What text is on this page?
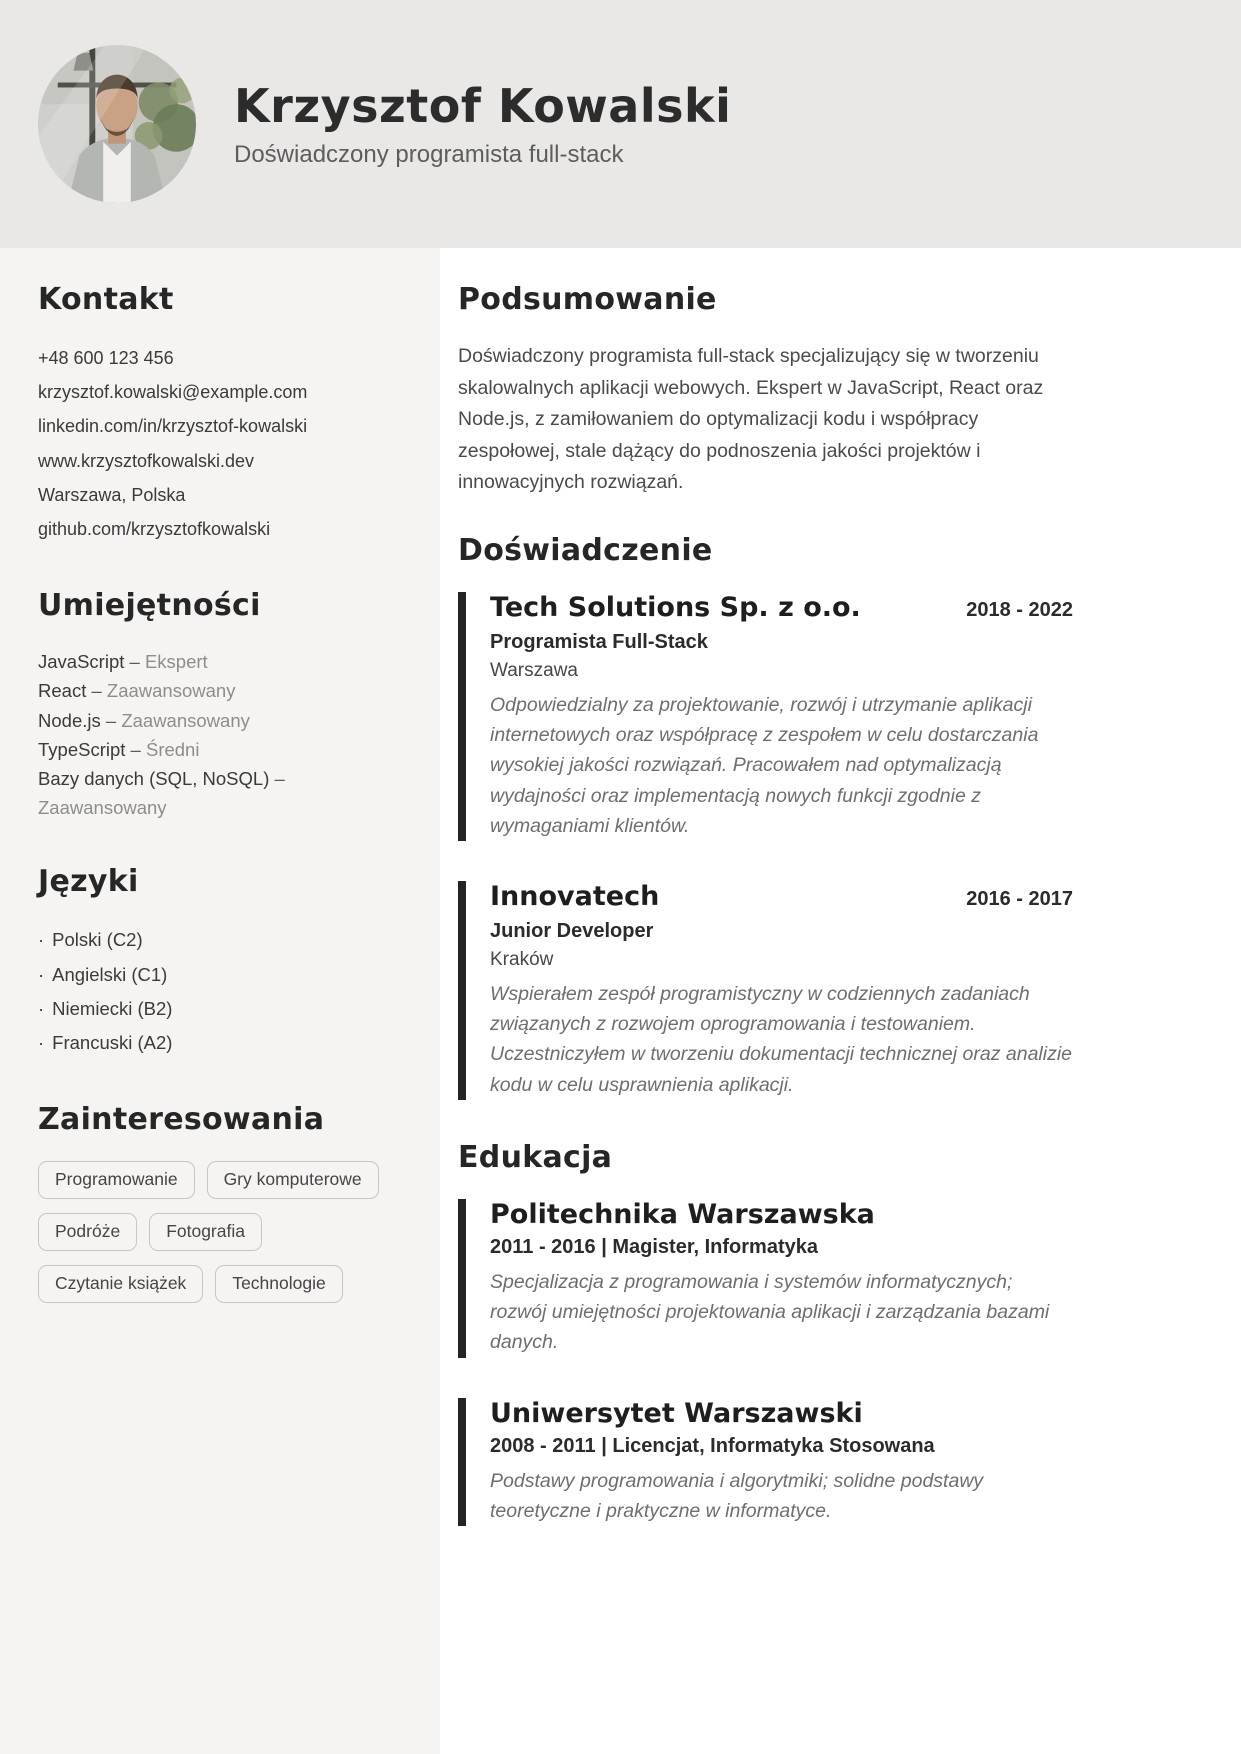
Krzysztof Kowalski
Doświadczony programista full-stack
Kontakt
+48 600 123 456
krzysztof.kowalski@example.com
linkedin.com/in/krzysztof-kowalski
www.krzysztofkowalski.dev
Warszawa, Polska
github.com/krzysztofkowalski
Umiejętności
JavaScript – Ekspert
React – Zaawansowany
Node.js – Zaawansowany
TypeScript – Średni
Bazy danych (SQL, NoSQL) – Zaawansowany
Języki
· Polski (C2)
· Angielski (C1)
· Niemiecki (B2)
· Francuski (A2)
Zainteresowania
Programowanie	Gry komputerowe
Podróże	Fotografia
Czytanie książek	Technologie
Podsumowanie

Doświadczony programista full-stack specjalizujący się w tworzeniu skalowalnych aplikacji webowych. Ekspert w JavaScript, React oraz Node.js, z zamiłowaniem do optymalizacji kodu i współpracy zespołowej, stale dążący do podnoszenia jakości projektów i innowacyjnych rozwiązań.

Doświadczenie
Tech Solutions Sp. z o.o.	2018 - 2022
Programista Full-Stack
Warszawa
Odpowiedzialny za projektowanie, rozwój i utrzymanie aplikacji internetowych oraz współpracę z zespołem w celu dostarczania wysokiej jakości rozwiązań. Pracowałem nad optymalizacją wydajności oraz implementacją nowych funkcji zgodnie z wymaganiami klientów.
Innovatech	2016 - 2017
Junior Developer
Kraków
Wspierałem zespół programistyczny w codziennych zadaniach związanych z rozwojem oprogramowania i testowaniem. Uczestniczyłem w tworzeniu dokumentacji technicznej oraz analizie kodu w celu usprawnienia aplikacji.
Edukacja
Politechnika Warszawska
2011 - 2016 | Magister, Informatyka
Specjalizacja z programowania i systemów informatycznych; rozwój umiejętności projektowania aplikacji i zarządzania bazami danych.
Uniwersytet Warszawski
2008 - 2011 | Licencjat, Informatyka Stosowana
Podstawy programowania i algorytmiki; solidne podstawy teoretyczne i praktyczne w informatyce.
